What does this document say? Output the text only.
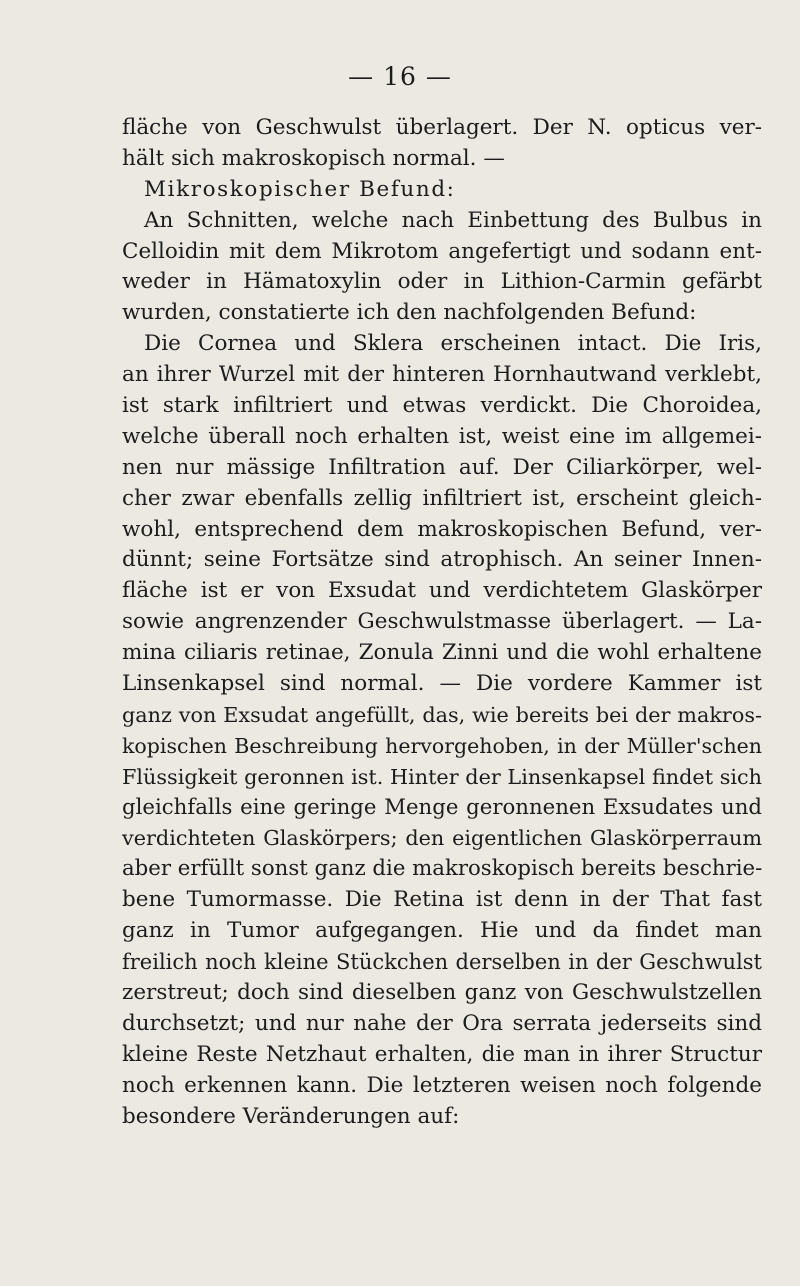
— 16 —
fläche von Geschwulst überlagert. Der N. opticus ver-
hält sich makroskopisch normal. —
Mikroskopischer Befund:
An Schnitten, welche nach Einbettung des Bulbus in
Celloidin mit dem Mikrotom angefertigt und sodann ent-
weder in Hämatoxylin oder in Lithion-Carmin gefärbt
wurden, constatierte ich den nachfolgenden Befund:
Die Cornea und Sklera erscheinen intact. Die Iris,
an ihrer Wurzel mit der hinteren Hornhautwand verklebt,
ist stark infiltriert und etwas verdickt. Die Choroidea,
welche überall noch erhalten ist, weist eine im allgemei-
nen nur mässige Infiltration auf. Der Ciliarkörper, wel-
cher zwar ebenfalls zellig infiltriert ist, erscheint gleich-
wohl, entsprechend dem makroskopischen Befund, ver-
dünnt; seine Fortsätze sind atrophisch. An seiner Innen-
fläche ist er von Exsudat und verdichtetem Glaskörper
sowie angrenzender Geschwulstmasse überlagert. — La-
mina ciliaris retinae, Zonula Zinni und die wohl erhaltene
Linsenkapsel sind normal. — Die vordere Kammer ist
ganz von Exsudat angefüllt, das, wie bereits bei der makros-
kopischen Beschreibung hervorgehoben, in der Müller'schen
Flüssigkeit geronnen ist. Hinter der Linsenkapsel findet sich
gleichfalls eine geringe Menge geronnenen Exsudates und
verdichteten Glaskörpers; den eigentlichen Glaskörperraum
aber erfüllt sonst ganz die makroskopisch bereits beschrie-
bene Tumormasse. Die Retina ist denn in der That fast
ganz in Tumor aufgegangen. Hie und da findet man
freilich noch kleine Stückchen derselben in der Geschwulst
zerstreut; doch sind dieselben ganz von Geschwulstzellen
durchsetzt; und nur nahe der Ora serrata jederseits sind
kleine Reste Netzhaut erhalten, die man in ihrer Structur
noch erkennen kann. Die letzteren weisen noch folgende
besondere Veränderungen auf:
